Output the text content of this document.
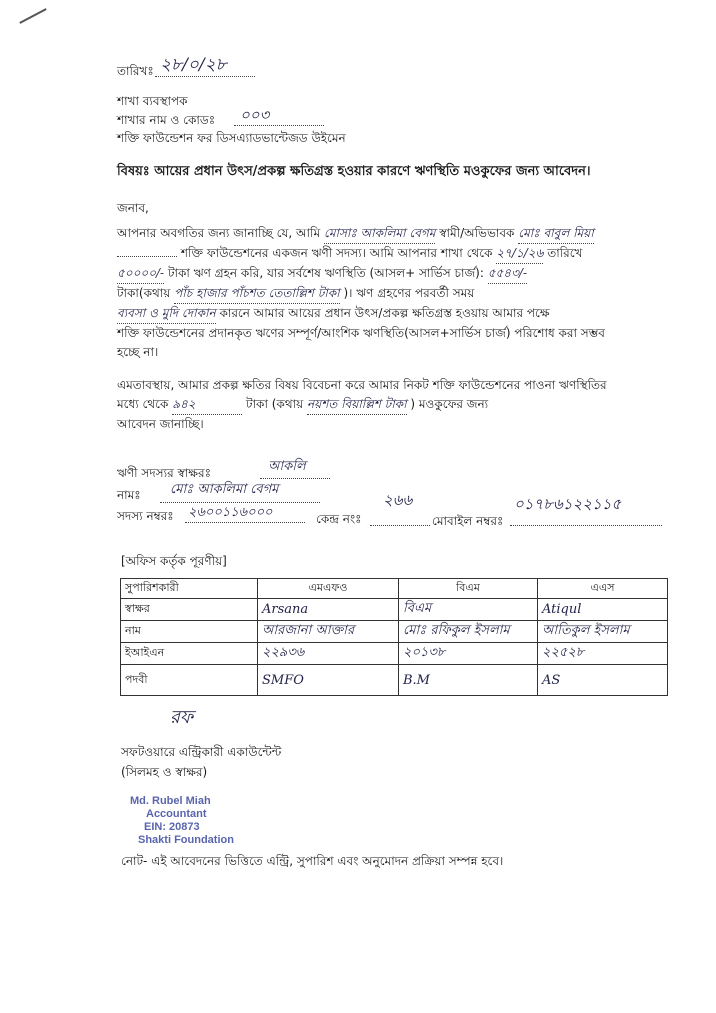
তারিখঃ ২৮/০/২৮
শাখা ব্যবস্থাপক
শাখার নাম ও কোডঃ ০০৩
শক্তি ফাউন্ডেশন ফর ডিসএ্যাডভান্টেজড উইমেন
বিষয়ঃ আয়ের প্রধান উৎস/প্রকল্প ক্ষতিগ্রস্ত হওয়ার কারণে ঋণস্থিতি মওকুফের জন্য আবেদন।
জনাব,
আপনার অবগতির জন্য জানাচ্ছি যে, আমি মোসাঃ আকলিমা বেগম স্বামী/অভিভাবক মোঃ বাবুল মিয়া
শক্তি ফাউন্ডেশনের একজন ঋণী সদস্য। আমি আপনার শাখা থেকে ২৭/১/২৬ তারিখে
৫০০০০/- টাকা ঋণ গ্রহন করি, যার সর্বশেষ ঋণস্থিতি (আসল+ সার্ভিস চার্জ): ৫৫৪৩/-
টাকা(কথায় পাঁচ হাজার পাঁচশত তেতাল্লিশ টাকা )। ঋণ গ্রহণের পরবর্তী সময়
ব্যবসা ও মুদি দোকান কারনে আমার আয়ের প্রধান উৎস/প্রকল্প ক্ষতিগ্রস্ত হওয়ায় আমার পক্ষে
শক্তি ফাউন্ডেশনের প্রদানকৃত ঋণের সম্পূর্ণ/আংশিক ঋণস্থিতি(আসল+সার্ভিস চার্জ) পরিশোধ করা সম্ভব
হচ্ছে না।
এমতাবস্থায়, আমার প্রকল্প ক্ষতির বিষয় বিবেচনা করে আমার নিকট শক্তি ফাউন্ডেশনের পাওনা ঋণস্থিতির
মধ্যে থেকে ৯৪২	টাকা (কথায় নয়শত বিয়াল্লিশ টাকা ) মওকুফের জন্য
আবেদন জানাচ্ছি।
ঋণী সদস্যর স্বাক্ষরঃ	আকলি
নামঃ মোঃ আকলিমা বেগম
সদস্য নম্বরঃ ২৬০০১১৬০০০	কেন্দ্র নংঃ
২৬৬
মোবাইল নম্বরঃ
০১৭৮৬১২২১১৫
[অফিস কর্তৃক পূরণীয়]
সুপারিশকারী	এমএফও	বিএম	এএস
স্বাক্ষর	Arsana	বিএম	Atiqul
নাম	আরজানা আক্তার	মোঃ রফিকুল ইসলাম	আতিকুল ইসলাম
ইআইএন	২২৯৩৬	২০১৩৮	২২৫২৮
পদবী	SMFO	B.M	AS
রফ
সফটওয়ারে এন্ট্রিকারী একাউন্টেন্ট
(সিলমহ ও স্বাক্ষর)
Md. Rubel Miah
Accountant
EIN: 20873
Shakti Foundation
নোট- এই আবেদনের ভিত্তিতে এন্ট্রি, সুপারিশ এবং অনুমোদন প্রক্রিয়া সম্পন্ন হবে।
